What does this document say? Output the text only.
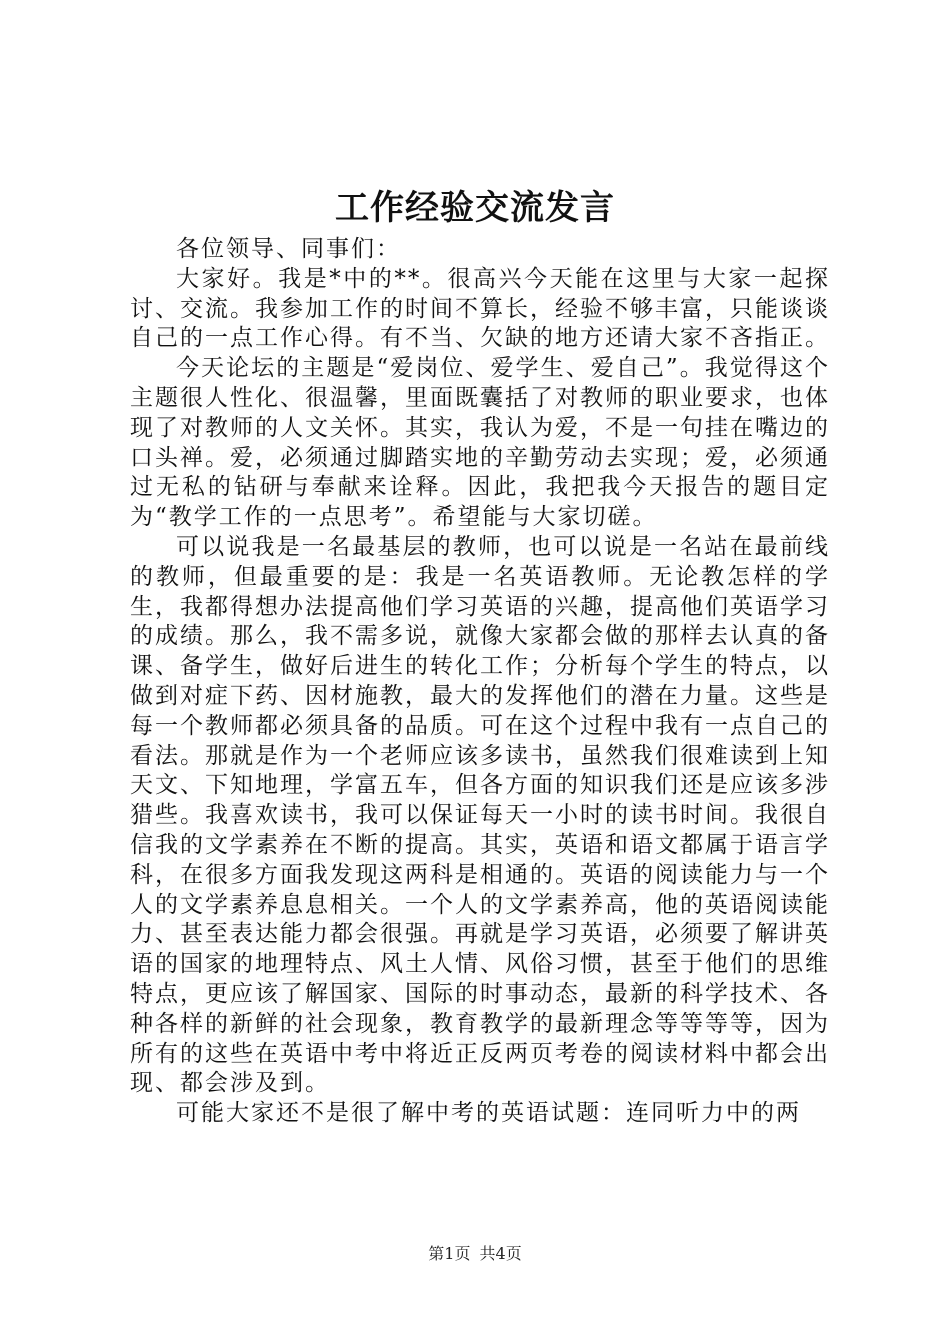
工作经验交流发言

各位领导、同事们：

大家好。我是*中的**。很高兴今天能在这里与大家一起探讨、交流。我参加工作的时间不算长，经验不够丰富，只能谈谈自己的一点工作心得。有不当、欠缺的地方还请大家不吝指正。

今天论坛的主题是“爱岗位、爱学生、爱自己”。我觉得这个主题很人性化、很温馨，里面既囊括了对教师的职业要求，也体现了对教师的人文关怀。其实，我认为爱，不是一句挂在嘴边的口头禅。爱，必须通过脚踏实地的辛勤劳动去实现；爱，必须通过无私的钻研与奉献来诠释。因此，我把我今天报告的题目定为“教学工作的一点思考”。希望能与大家切磋。

可以说我是一名最基层的教师，也可以说是一名站在最前线的教师，但最重要的是：我是一名英语教师。无论教怎样的学生，我都得想办法提高他们学习英语的兴趣，提高他们英语学习的成绩。那么，我不需多说，就像大家都会做的那样去认真的备课、备学生，做好后进生的转化工作；分析每个学生的特点，以做到对症下药、因材施教，最大的发挥他们的潜在力量。这些是每一个教师都必须具备的品质。可在这个过程中我有一点自己的看法。那就是作为一个老师应该多读书，虽然我们很难读到上知天文、下知地理，学富五车，但各方面的知识我们还是应该多涉猎些。我喜欢读书，我可以保证每天一小时的读书时间。我很自信我的文学素养在不断的提高。其实，英语和语文都属于语言学科，在很多方面我发现这两科是相通的。英语的阅读能力与一个人的文学素养息息相关。一个人的文学素养高，他的英语阅读能力、甚至表达能力都会很强。再就是学习英语，必须要了解讲英语的国家的地理特点、风土人情、风俗习惯，甚至于他们的思维特点，更应该了解国家、国际的时事动态，最新的科学技术、各种各样的新鲜的社会现象，教育教学的最新理念等等等等，因为所有的这些在英语中考中将近正反两页考卷的阅读材料中都会出现、都会涉及到。

可能大家还不是很了解中考的英语试题：连同听力中的两

第1页 共4页
